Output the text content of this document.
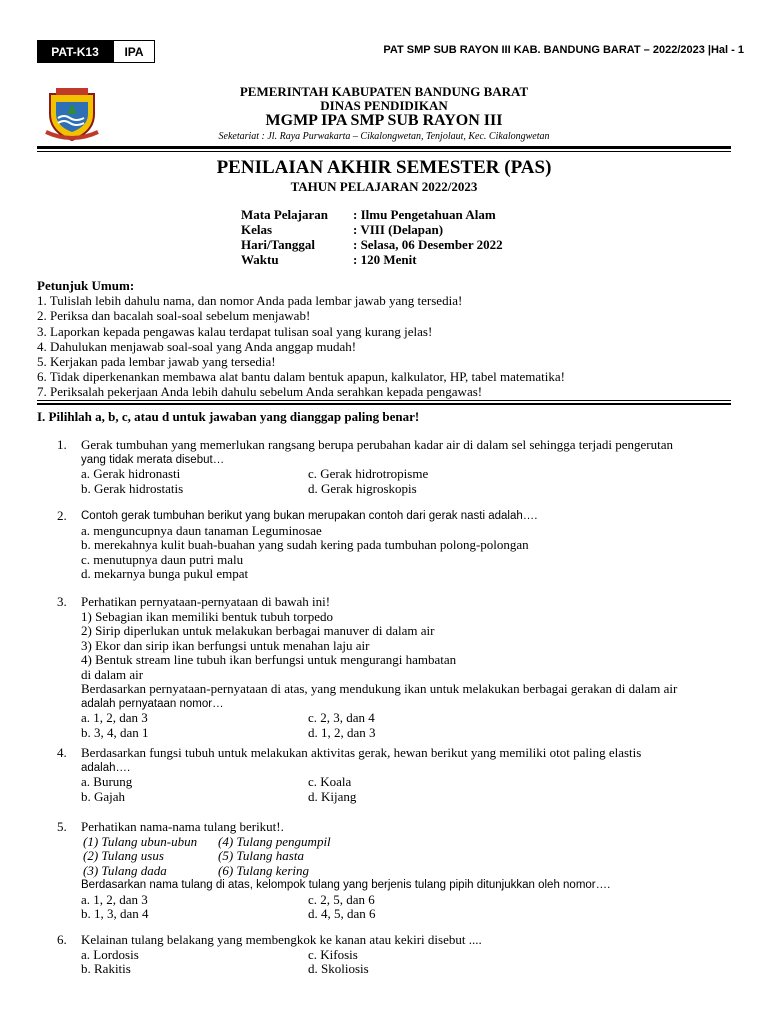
PAT-K13	IPA	PAT SMP SUB RAYON III KAB. BANDUNG BARAT – 2022/2023 |Hal - 1
PEMERINTAH KABUPATEN BANDUNG BARAT
DINAS PENDIDIKAN
MGMP IPA SMP SUB RAYON III
Seketariat : Jl. Raya Purwakarta – Cikalongwetan, Tenjolaut, Kec. Cikalongwetan
PENILAIAN AKHIR SEMESTER (PAS)
TAHUN PELAJARAN 2022/2023
Mata Pelajaran	: Ilmu Pengetahuan Alam
Kelas	: VIII (Delapan)
Hari/Tanggal	: Selasa, 06 Desember 2022
Waktu	: 120 Menit
Petunjuk Umum:
1. Tulislah lebih dahulu nama, dan nomor Anda pada lembar jawab yang tersedia!
2. Periksa dan bacalah soal-soal sebelum menjawab!
3. Laporkan kepada pengawas kalau terdapat tulisan soal yang kurang jelas!
4. Dahulukan menjawab soal-soal yang Anda anggap mudah!
5. Kerjakan pada lembar jawab yang tersedia!
6. Tidak diperkenankan membawa alat bantu dalam bentuk apapun, kalkulator, HP, tabel matematika!
7. Periksalah pekerjaan Anda lebih dahulu sebelum Anda serahkan kepada pengawas!
I. Pilihlah a, b, c, atau d untuk jawaban yang dianggap paling benar!
1.	Gerak tumbuhan yang memerlukan rangsang berupa perubahan kadar air di dalam sel sehingga terjadi pengerutan
yang tidak merata disebut…
a. Gerak hidronasti	c. Gerak hidrotropisme
b. Gerak hidrostatis	d. Gerak higroskopis
2.	Contoh gerak tumbuhan berikut yang bukan merupakan contoh dari gerak nasti adalah….
a. menguncupnya daun tanaman Leguminosae
b. merekahnya kulit buah-buahan yang sudah kering pada tumbuhan polong-polongan
c. menutupnya daun putri malu
d. mekarnya bunga pukul empat
3.	Perhatikan pernyataan-pernyataan di bawah ini!
1) Sebagian ikan memiliki bentuk tubuh torpedo
2) Sirip diperlukan untuk melakukan berbagai manuver di dalam air
3) Ekor dan sirip ikan berfungsi untuk menahan laju air
4) Bentuk stream line tubuh ikan berfungsi untuk mengurangi hambatan
di dalam air
Berdasarkan pernyataan-pernyataan di atas, yang mendukung ikan untuk melakukan berbagai gerakan di dalam air
adalah pernyataan nomor…
a. 1, 2, dan 3	c. 2, 3, dan 4
b. 3, 4, dan 1	d. 1, 2, dan 3
4.	Berdasarkan fungsi tubuh untuk melakukan aktivitas gerak, hewan berikut yang memiliki otot paling elastis
adalah….
a. Burung	c. Koala
b. Gajah	d. Kijang
5.	Perhatikan nama-nama tulang berikut!.
(1) Tulang ubun-ubun	(4) Tulang pengumpil
(2) Tulang usus	(5) Tulang hasta
(3) Tulang dada	(6) Tulang kering
Berdasarkan nama tulang di atas, kelompok tulang yang berjenis tulang pipih ditunjukkan oleh nomor….
a. 1, 2, dan 3	c. 2, 5, dan 6
b. 1, 3, dan 4	d. 4, 5, dan 6
6.	Kelainan tulang belakang yang membengkok ke kanan atau kekiri disebut ....
a. Lordosis	c. Kifosis
b. Rakitis	d. Skoliosis
